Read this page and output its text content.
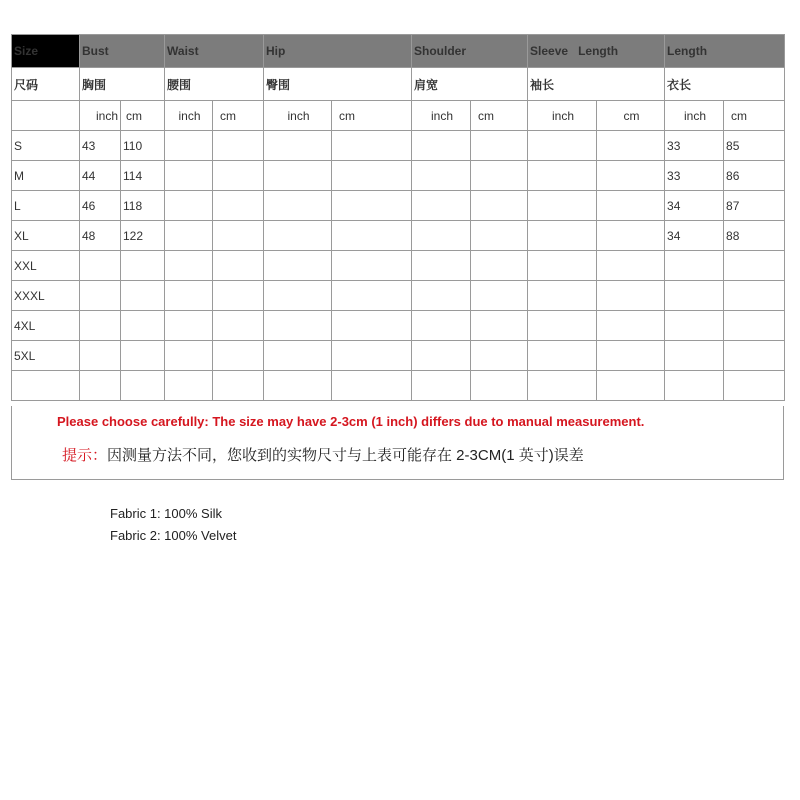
Size	Bust		Waist		Hip		Shoulder		Sleeve   Length		Length	
尺码	胸围		腰围		臀围		肩宽		袖长		衣长	
	inch	cm	inch	cm	inch	cm	inch	cm	inch	cm	inch	cm
S	43	110									33	85
M	44	114									33	86
L	46	118									34	87
XL	48	122									34	88
XXL												
XXXL												
4XL												
5XL												

Please choose carefully: The size may have 2-3cm (1 inch) differs due to manual measurement.
提示：因测量方法不同，您收到的实物尺寸与上表可能存在 2-3CM(1 英寸)误差
Fabric 1: 100% Silk
Fabric 2: 100% Velvet
